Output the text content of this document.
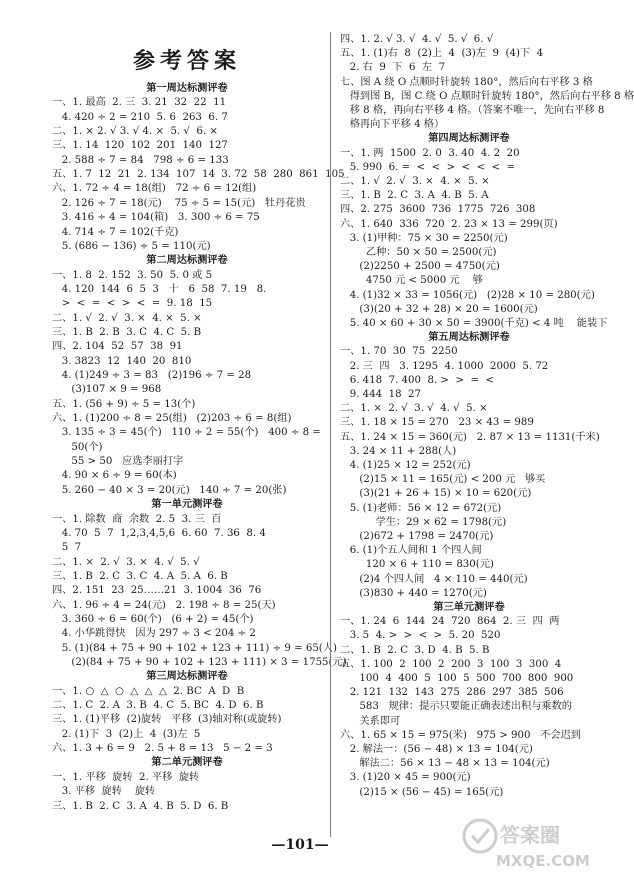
参考答案
第一周达标测评卷
一、1. 最高  2. 三  3. 21  32  22  11
4. 420 ÷ 2 = 210  5. 6  263  6. 7
二、1. × 2. √ 3. √ 4. ×  5. √  6. ×
三、1. 14  120  102  201  140  127
2. 588 ÷ 7 = 84   798 ÷ 6 = 133
五、1. 7  12  21  2. 134  107  14  3. 72  58  280  861  105
六、1. 72 ÷ 4 = 18(组)   72 ÷ 6 = 12(组)
2. 126 ÷ 7 = 18(元)    75 ÷ 5 = 15(元)   牡丹花贵
3. 416 ÷ 4 = 104(箱)   3. 300 ÷ 6 = 75
4. 714 ÷ 7 = 102(千克)
5. (686 − 136) ÷ 5 = 110(元)
第二周达标测评卷
一、1. 8  2. 152  3. 50  5. 0 或 5
4. 120  144  6  5  3   十   6  58  7. 19   8.
>  <  =  <  >  <  =  9. 18  15
二、1. √  2. √  3. ×  4. ×  5. ×
三、1. B  2. B  3. C  4. C  5. B
四、2. 104  52  57  38  91
3. 3823  12  140  20  810
4. (1)249 ÷ 3 = 83   (2)196 ÷ 7 = 28
(3)107 × 9 = 968
五、1. (56 + 9) ÷ 5 = 13(个)
六、1. (1)200 ÷ 8 = 25(组)   (2)203 ÷ 6 = 8(组)
3. 135 ÷ 3 = 45(个)   110 ÷ 2 = 55(个)   400 ÷ 8 =
50(个)
55 > 50   应选李丽打字
4. 90 × 6 ÷ 9 = 60(本)
5. 260 − 40 × 3 = 20(元)   140 ÷ 7 = 20(张)
第一单元测评卷
一、1. 除数  商  余数  2. 5  3. 三  百
4. 70  5  7  1,2,3,4,5,6  6. 60  7. 36  8. 4
5  7
二、1. ×  2. √  3. ×  4. √  5. √
三、1. B  2. C  3. C  4. A  5. A  6. B
四、2. 151  23  25……21  3. 1004  36  76
六、1. 96 ÷ 4 = 24(元)   2. 198 ÷ 8 = 25(天)
3. 360 ÷ 6 = 60(个)   (6 + 2) = 45(个)
4. 小华跳得快   因为 297 ÷ 3 < 204 ÷ 2
5. (1)(84 + 75 + 90 + 102 + 123 + 111) ÷ 9 = 65(人)
(2)(84 + 75 + 90 + 102 + 123 + 111) × 3 = 1755(元)
第三周达标测评卷
一、1. ○  △  ○  △  △  △  2. BC  A  D  B
二、1. C  2. A  3. B  4. C  5. BC  4. D  6. B
三、1. (1)平移  (2)旋转   平移  (3)轴对称(或旋转)
2. (1)下  3  (2)上  4  (3)左  5
六、1. 3 + 6 = 9   2. 5 + 8 = 13   5 − 2 = 3
第二单元测评卷
一、1. 平移  旋转  2. 平移  旋转
3. 平移  旋转    旋转
三、1. B  2. C  3. A  4. B  5. D  6. B
四、1. 2. √ 3. √  4. √  5. √  6. √
五、1. (1)右  8  (2)上  4  (3)左  9  (4)下  4
2. 右  9  下  6  左  7
七、图 A 绕 O 点顺时针旋转 180°，然后向右平移 3 格
得到图 B，图 C 绕 O 点顺时针旋转 180°，然后向右平移 8 格
移 8 格，再向右平移 4 格。（答案不唯一，先向右平移 8
格再向下平移 4 格）
第四周达标测评卷
一、1. 两  1500  2. 0  3. 40  4. 2  20
5. 990  6. =  <  <  >  <  <  <  =
二、1. √  2. √  3. ×  4. ×  5. ×
三、1. B  2. C  3. A  4. B  5. A
四、2. 275  3600  736  1775  726  308
六、1. 640  336  720  2. 23 × 13 = 299(页)
3. (1)甲种：75 × 30 = 2250(元)
乙种：50 × 50 = 2500(元)
(2)2250 + 2500 = 4750(元)
4750 元 < 5000 元    够
4. (1)32 × 33 = 1056(元)   (2)28 × 10 = 280(元)
(3)(20 + 32 + 28) × 20 = 1600(元)
5. 40 × 60 + 30 × 50 = 3900(千克) < 4 吨    能装下
第五周达标测评卷
一、1. 70  30  75  2250
2. 三  四   3. 1295  4. 1000  2000  5. 72
6. 418  7. 400  8. >  >  =  <
9. 444  18  27
二、1. ×  2. √  3. √  4. √  5. ×
三、1. 18 × 15 = 270   23 × 43 = 989
五、1. 24 × 15 = 360(元)   2. 87 × 13 = 1131(千米)
3. 24 × 11 + 288(人)
4. (1)25 × 12 = 252(元)
(2)15 × 11 = 165(元) < 200 元   够买
(3)(21 + 26 + 15) × 10 = 620(元)
5. (1)老师：56 × 12 = 672(元)
学生：29 × 62 = 1798(元)
(2)672 + 1798 = 2470(元)
6. (1)个五人间和 1 个四人间
120 × 6 + 110 = 830(元)
(2)4 个四人间   4 × 110 = 440(元)
(3)830 + 440 = 1270(元)
第三单元测评卷
一、1. 24  6  144  24  720  864  2. 三  四  两
3. 5  4. >  >  <  >  5. 20  520
二、1. B  2. C  3. D  4. B  5. B
五、1. 100  2  100  2  200  3  100  3  300  4
100  4  400  5  100  5  500  700  800  900
2. 121  132  143  275  286  297  385  506
583   规律：提示只要能正确表述出积与乘数的
关系即可
六、1. 65 × 15 = 975(米)   975 > 900   不会迟到
2. 解法一：(56 − 48) × 13 = 104(元)
解法二：56 × 13 − 48 × 13 = 104(元)
3. (1)20 × 45 = 900(元)
(2)15 × (56 − 45) = 165(元)
—101—	答案圈
MXQE.COM
